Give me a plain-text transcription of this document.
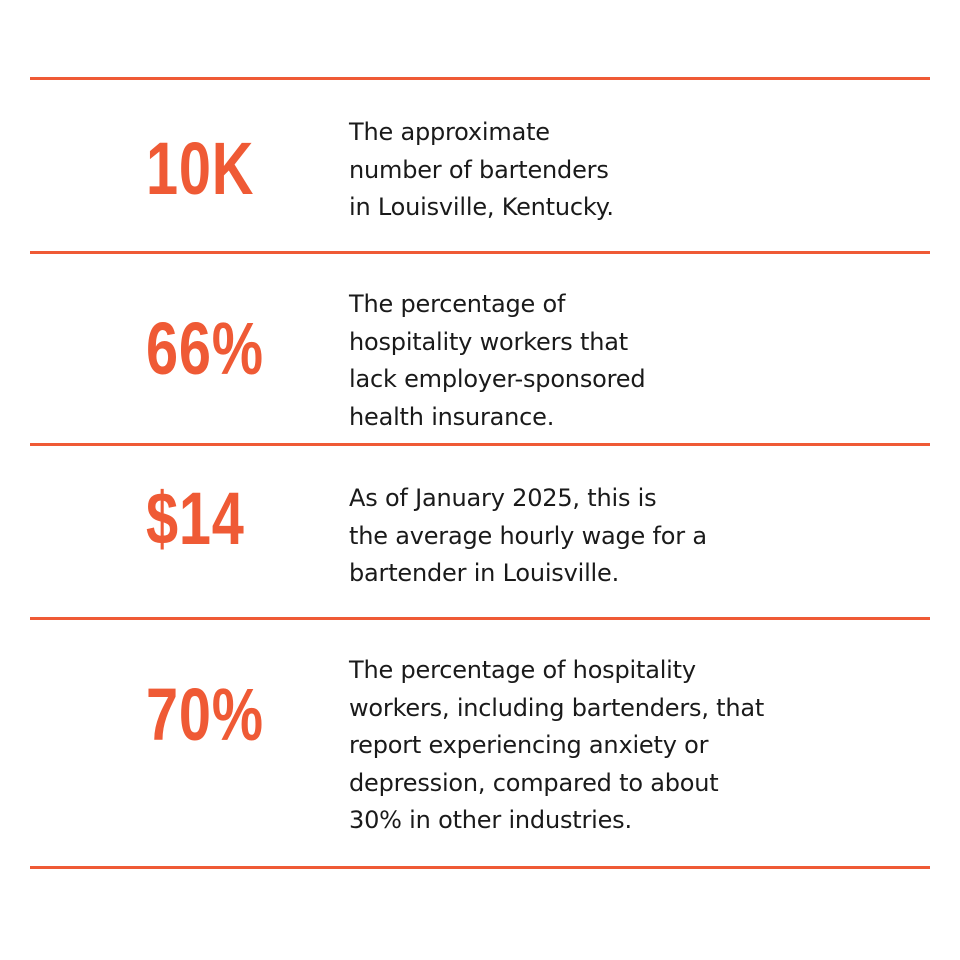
10K	The approximate
number of bartenders
in Louisville, Kentucky.
66%
The percentage of
hospitality workers that
lack employer-sponsored
health insurance.
$14	As of January 2025, this is
the average hourly wage for a
bartender in Louisville.
70%
The percentage of hospitality
workers, including bartenders, that
report experiencing anxiety or
depression, compared to about
30% in other industries.
